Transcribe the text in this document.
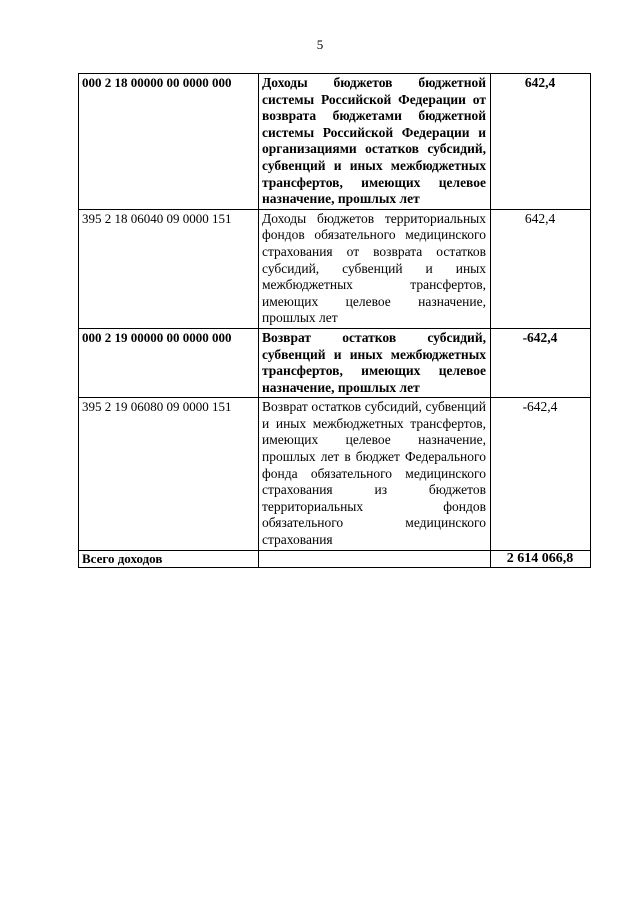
5
000 2 18 00000 00 0000 000	Доходы бюджетов бюджетной системы Российской Федерации от возврата бюджетами бюджетной системы Российской Федерации и организациями остатков субсидий, субвенций и иных межбюджетных трансфертов, имеющих целевое назначение, прошлых лет	642,4
395 2 18 06040 09 0000 151	Доходы бюджетов территориальных фондов обязательного медицинского страхования от возврата остатков субсидий, субвенций и иных межбюджетных трансфертов, имеющих целевое назначение, прошлых лет	642,4
000 2 19 00000 00 0000 000	Возврат остатков субсидий, субвенций и иных межбюджетных трансфертов, имеющих целевое назначение, прошлых лет	-642,4
395 2 19 06080 09 0000 151	Возврат остатков субсидий, субвенций и иных межбюджетных трансфертов, имеющих целевое назначение, прошлых лет в бюджет Федерального фонда обязательного медицинского страхования из бюджетов территориальных фондов обязательного медицинского страхования	-642,4
Всего доходов		2 614 066,8
